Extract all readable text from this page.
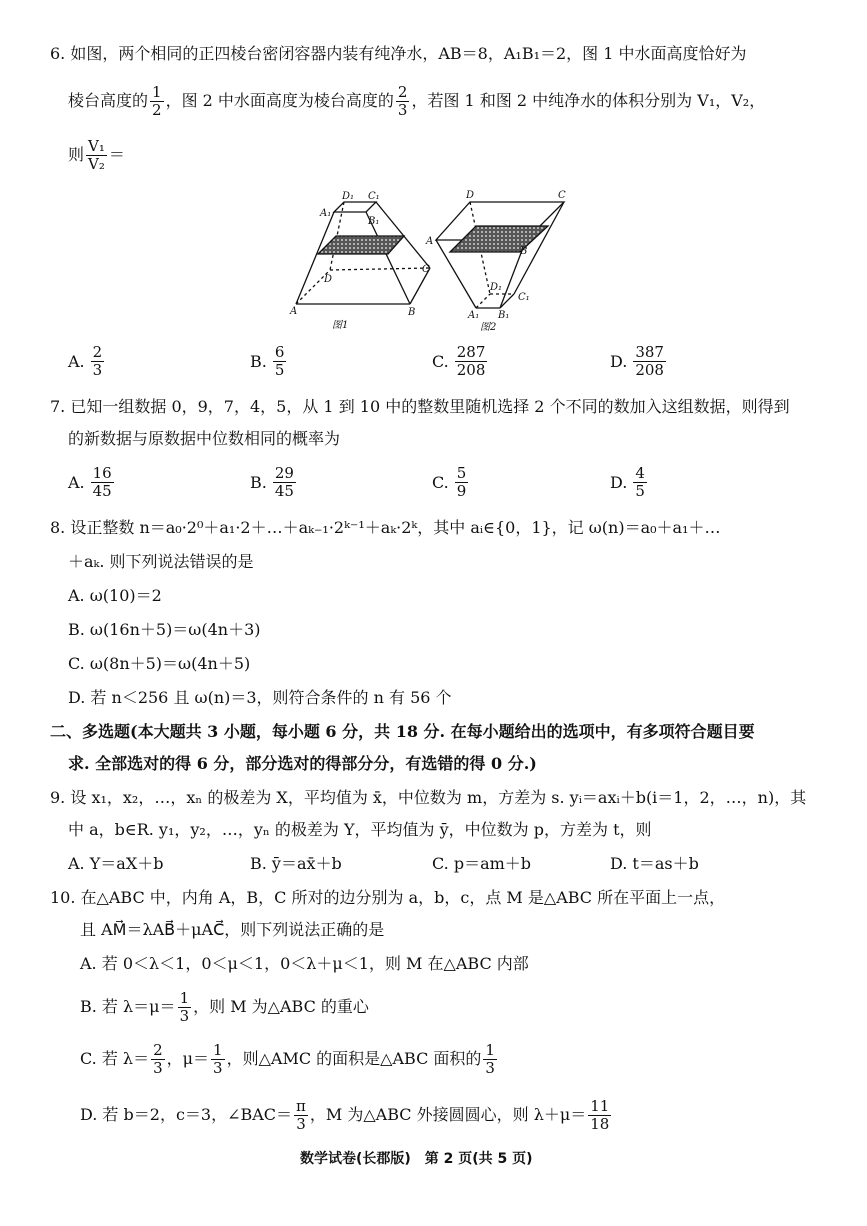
6. 如图，两个相同的正四棱台密闭容器内装有纯净水，AB＝8，A₁B₁＝2，图 1 中水面高度恰好为
棱台高度的 $\frac{1}{2}$ ，图 2 中水面高度为棱台高度的 $\frac{2}{3}$ ，若图 1 和图 2 中纯净水的体积分别为 V₁，V₂，
则 $\frac{\text{V₁}}{\text{V₂}}$ ＝
A₁
D₁ C₁
B₁
D
C
A	B
图1
D	C
A
B
D₁
C₁
A₁ B₁
图2
A. $\frac{2}{3}$	B. $\frac{6}{5}$	C. $\frac{287}{208}$	D. $\frac{387}{208}$
7. 已知一组数据 0，9，7，4，5，从 1 到 10 中的整数里随机选择 2 个不同的数加入这组数据，则得到
的新数据与原数据中位数相同的概率为
A. $\frac{16}{45}$	B. $\frac{29}{45}$	C. $\frac{5}{9}$	D. $\frac{4}{5}$
8. 设正整数 n＝a₀·2⁰＋a₁·2＋…＋aₖ₋₁·2ᵏ⁻¹＋aₖ·2ᵏ，其中 aᵢ∈{0，1}，记 ω(n)＝a₀＋a₁＋…
＋aₖ. 则下列说法错误的是
A. ω(10)＝2
B. ω(16n＋5)＝ω(4n＋3)
C. ω(8n＋5)＝ω(4n＋5)
D. 若 n＜256 且 ω(n)＝3，则符合条件的 n 有 56 个
二、多选题(本大题共 3 小题，每小题 6 分，共 18 分. 在每小题给出的选项中，有多项符合题目要
求. 全部选对的得 6 分，部分选对的得部分分，有选错的得 0 分.)
9. 设 x₁，x₂，…，xₙ 的极差为 X，平均值为 x̄，中位数为 m，方差为 s. yᵢ＝axᵢ＋b(i＝1，2，…，n)，其
中 a，b∈R. y₁，y₂，…，yₙ 的极差为 Y，平均值为 ȳ，中位数为 p，方差为 t，则
A. Y＝aX＋b	B. ȳ＝ax̄＋b	C. p＝am＋b	D. t＝as＋b
10. 在△ABC 中，内角 A，B，C 所对的边分别为 a，b，c，点 M 是△ABC 所在平面上一点，
且 AM⃗＝λAB⃗＋μAC⃗，则下列说法正确的是
A. 若 0＜λ＜1，0＜μ＜1，0＜λ＋μ＜1，则 M 在△ABC 内部
B. 若 $\lambda=\mu= \frac{1}{3}$ ，则 M 为△ABC 的重心
C. 若 $\lambda= \frac{2}{3}$ ，$\mu= \frac{1}{3}$ ，则△AMC 的面积是△ABC 面积的 $\frac{1}{3}$
D. 若 b＝2，c＝3，∠BAC＝ $\frac{\pi}{3}$ ，M 为△ABC 外接圆圆心，则 $\lambda+\mu= \frac{11}{18}$
数学试卷(长郡版)　第 2 页(共 5 页)
